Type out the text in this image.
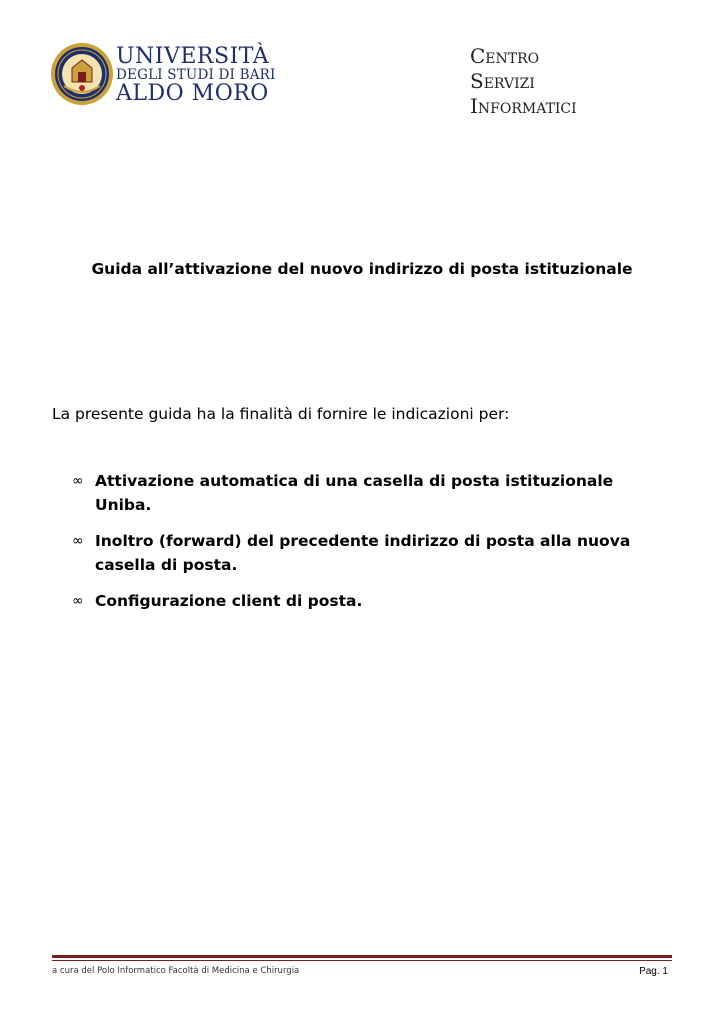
UNIVERSITÀ
DEGLI STUDI DI BARI
ALDO MORO
Centro
Servizi
Informatici
Guida all’attivazione del nuovo indirizzo di posta istituzionale
La presente guida ha la finalità di fornire le indicazioni per:
∞ Attivazione automatica di una casella di posta istituzionale Uniba.
∞ Inoltro (forward) del precedente indirizzo di posta alla nuova casella di posta.
∞ Configurazione client di posta.
a cura del Polo Informatico Facoltà di Medicina e Chirurgia	Pag. 1
